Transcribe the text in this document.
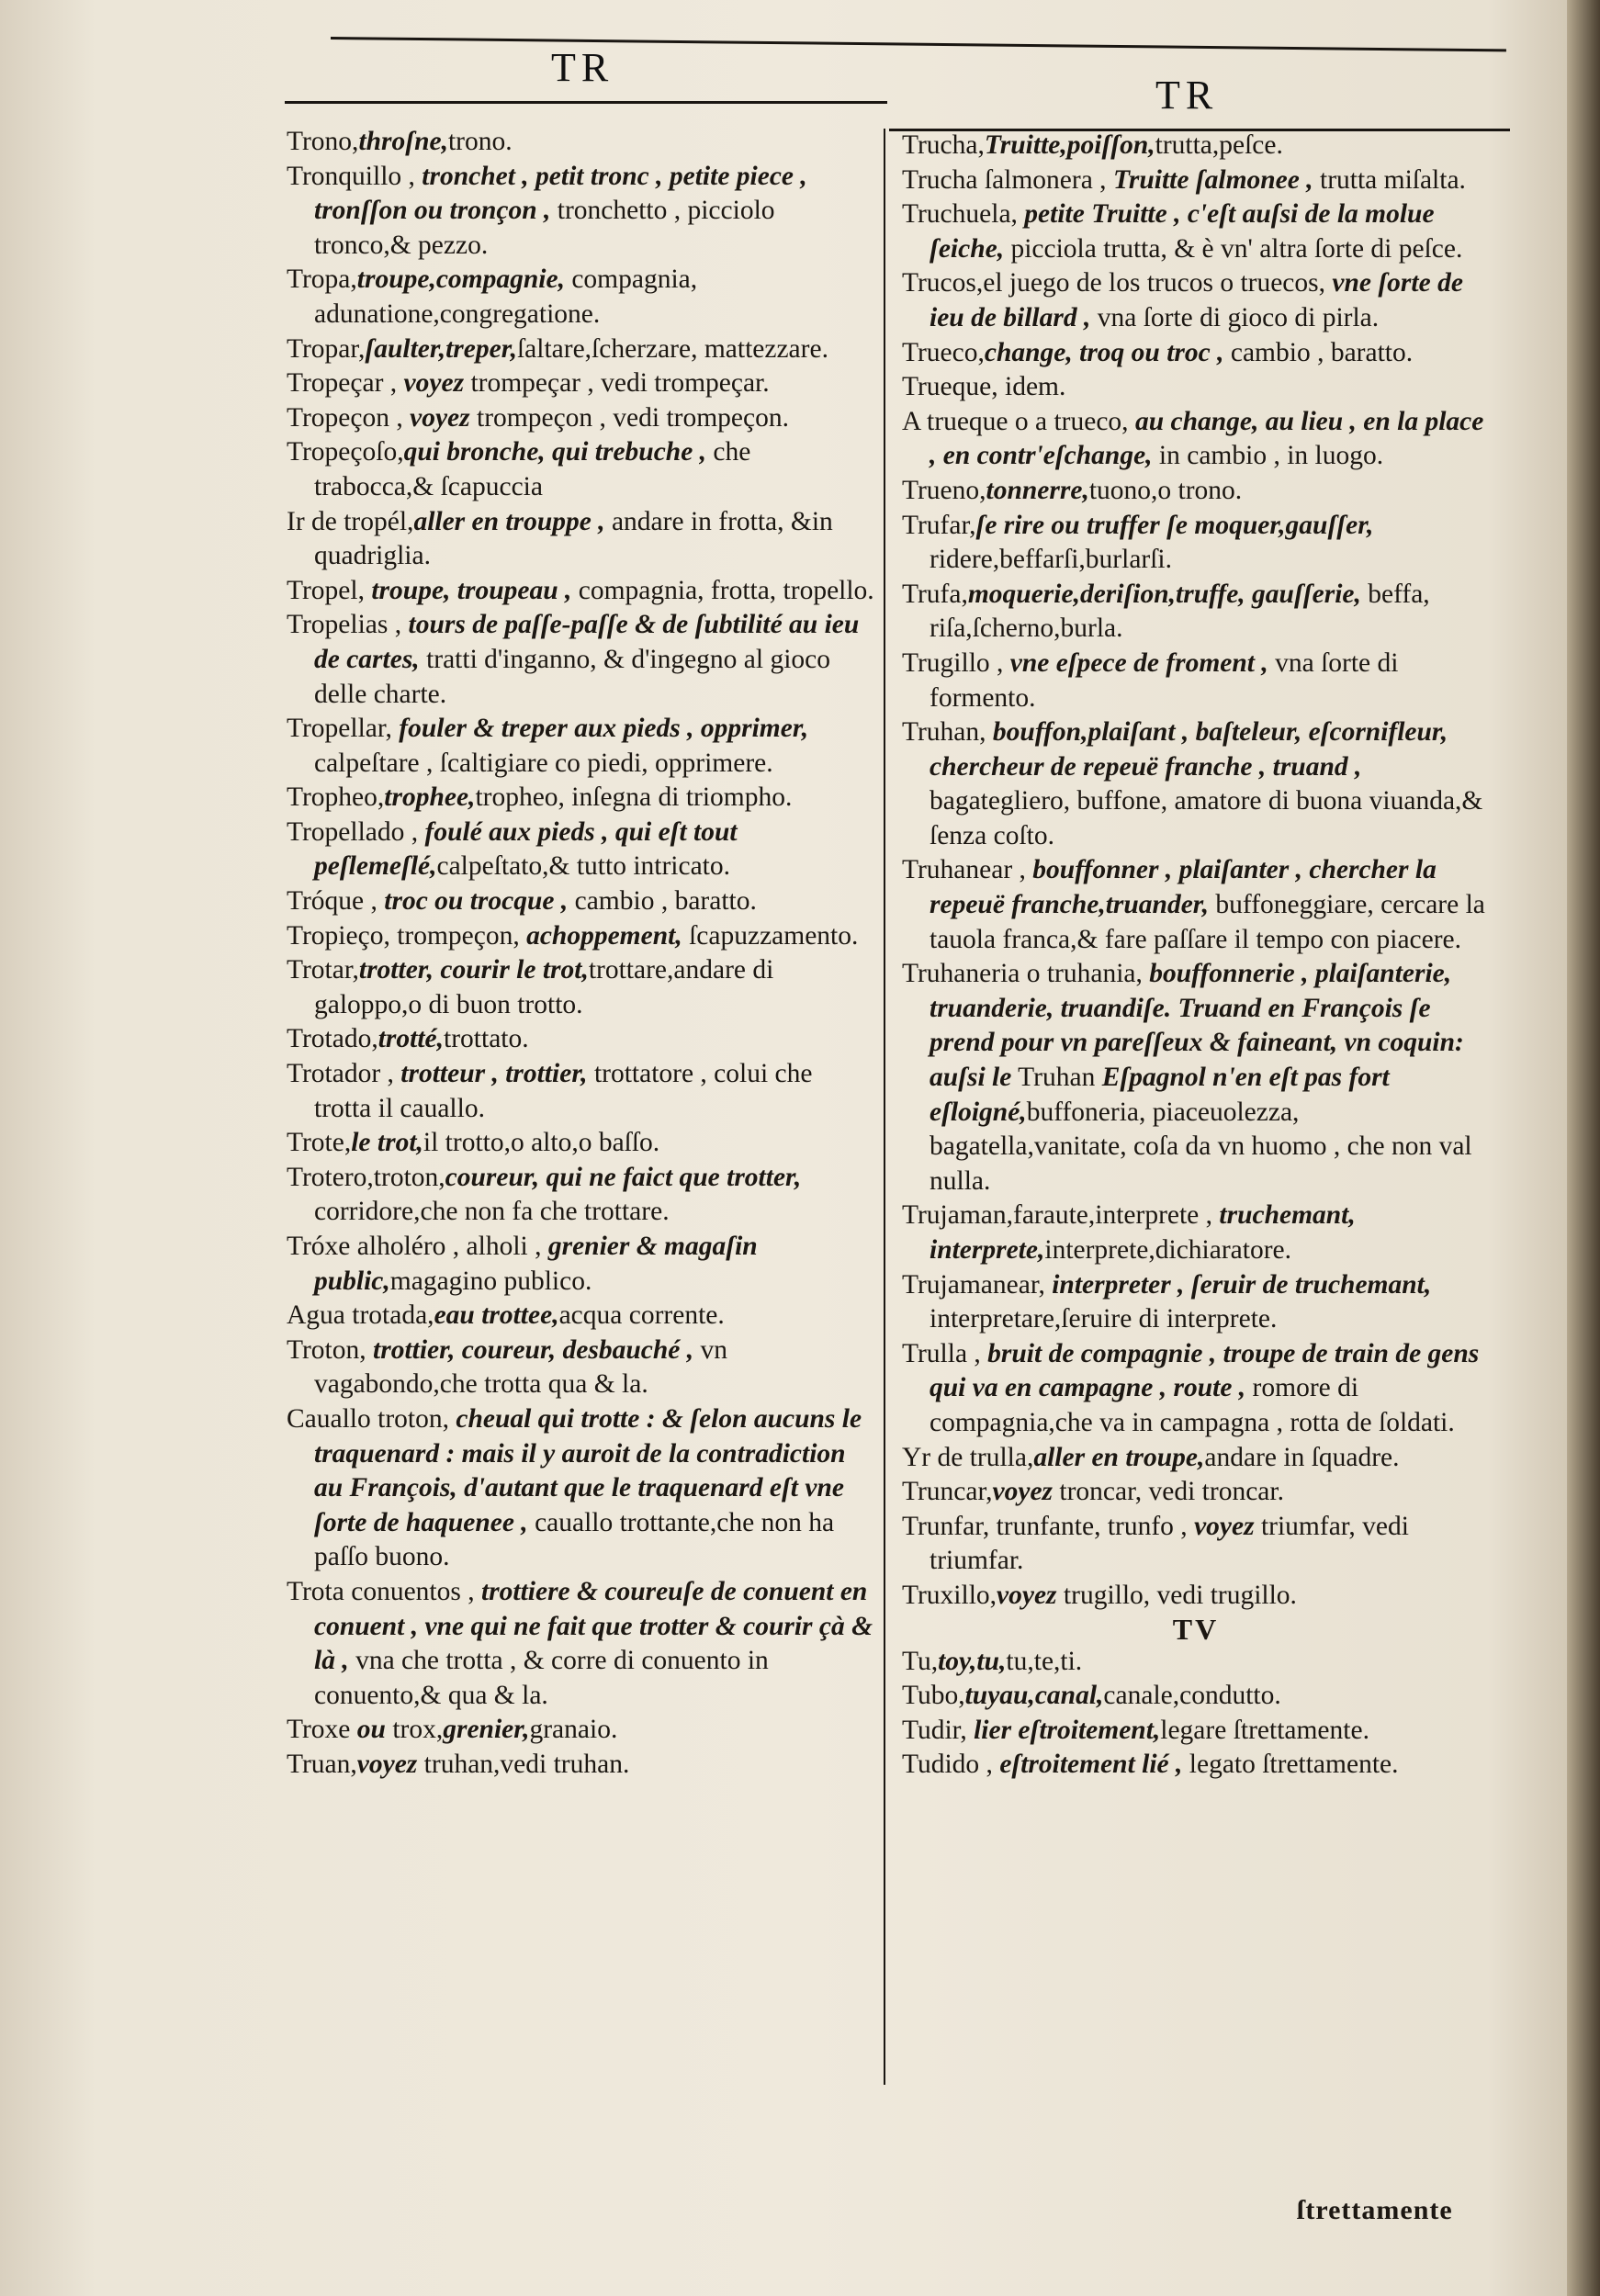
TR
TR

Trono,throſne,trono.

Tronquillo , tronchet , petit tronc , petite piece , tronſſon ou tronçon , tronchetto , picciolo tronco,& pezzo.

Tropa,troupe,compagnie, compagnia, adunatione,congregatione.

Tropar,ſaulter,treper,ſaltare,ſcherzare, mattezzare.

Tropeçar , voyez trompeçar , vedi trompeçar.

Tropeçon , voyez trompeçon , vedi trompeçon.

Tropeçoſo,qui bronche, qui trebuche , che trabocca,& ſcapuccia

Ir de tropél,aller en trouppe , andare in frotta, &in quadriglia.

Tropel, troupe, troupeau , compagnia, frotta, tropello.

Tropelias , tours de paſſe-paſſe & de ſubtilité au ieu de cartes, tratti d'inganno, & d'ingegno al gioco delle charte.

Tropellar, fouler & treper aux pieds , opprimer, calpeſtare , ſcaltigiare co piedi, opprimere.

Tropheo,trophee,tropheo, inſegna di triompho.

Tropellado , foulé aux pieds , qui eſt tout peſlemeſlé,calpeſtato,& tutto intricato.

Tróque , troc ou trocque , cambio , baratto.

Tropieço, trompeçon, achoppement, ſcapuzzamento.

Trotar,trotter, courir le trot,trottare,andare di galoppo,o di buon trotto.

Trotado,trotté,trottato.

Trotador , trotteur , trottier, trottatore , colui che trotta il cauallo.

Trote,le trot,il trotto,o alto,o baſſo.

Trotero,troton,coureur, qui ne faict que trotter, corridore,che non fa che trottare.

Tróxe alholéro , alholi , grenier & magaſin public,magagino publico.

Agua trotada,eau trottee,acqua corrente.

Troton, trottier, coureur, desbauché , vn vagabondo,che trotta qua & la.

Cauallo troton, cheual qui trotte : & ſelon aucuns le traquenard : mais il y auroit de la contradiction au François, d'autant que le traquenard eſt vne ſorte de haquenee , cauallo trottante,che non ha paſſo buono.

Trota conuentos , trottiere & coureuſe de conuent en conuent , vne qui ne fait que trotter & courir çà & là , vna che trotta , & corre di conuento in conuento,& qua & la.

Troxe ou trox,grenier,granaio.

Truan,voyez truhan,vedi truhan.

Trucha,Truitte,poiſſon,trutta,peſce.

Trucha ſalmonera , Truitte ſalmonee , trutta miſalta.

Truchuela, petite Truitte , c'eſt auſsi de la molue ſeiche, picciola trutta, & è vn' altra ſorte di peſce.

Trucos,el juego de los trucos o truecos, vne ſorte de ieu de billard , vna ſorte di gioco di pirla.

Trueco,change, troq ou troc , cambio , baratto.

Trueque, idem.

A trueque o a trueco, au change, au lieu , en la place , en contr'eſchange, in cambio , in luogo.

Trueno,tonnerre,tuono,o trono.

Trufar,ſe rire ou truffer ſe moquer,gauſſer, ridere,beffarſi,burlarſi.

Trufa,moquerie,deriſion,truffe, gauſſerie, beffa, riſa,ſcherno,burla.

Trugillo , vne eſpece de froment , vna ſorte di formento.

Truhan, bouffon,plaiſant , baſteleur, eſcornifleur, chercheur de repeuë franche , truand , bagategliero, buffone, amatore di buona viuanda,& ſenza coſto.

Truhanear , bouffonner , plaiſanter , chercher la repeuë franche,truander, buffoneggiare, cercare la tauola franca,& fare paſſare il tempo con piacere.

Truhaneria o truhania, bouffonnerie , plaiſanterie, truanderie, truandiſe. Truand en François ſe prend pour vn pareſſeux & faineant, vn coquin: auſsi le Truhan Eſpagnol n'en eſt pas fort eſloigné,buffoneria, piaceuolezza, bagatella,vanitate, coſa da vn huomo , che non val nulla.

Trujaman,faraute,interprete , truchemant, interprete,interprete,dichiaratore.

Trujamanear, interpreter , ſeruir de truchemant, interpretare,ſeruire di interprete.

Trulla , bruit de compagnie , troupe de train de gens qui va en campagne , route , romore di compagnia,che va in campagna , rotta de ſoldati.

Yr de trulla,aller en troupe,andare in ſquadre.

Truncar,voyez troncar, vedi troncar.

Trunfar, trunfante, trunfo , voyez triumfar, vedi triumfar.

Truxillo,voyez trugillo, vedi trugillo.

TV

Tu,toy,tu,tu,te,ti.

Tubo,tuyau,canal,canale,condutto.

Tudir, lier eſtroitement,legare ſtrettamente.

Tudido , eſtroitement lié , legato ſtrettamente.

ſtrettamente
